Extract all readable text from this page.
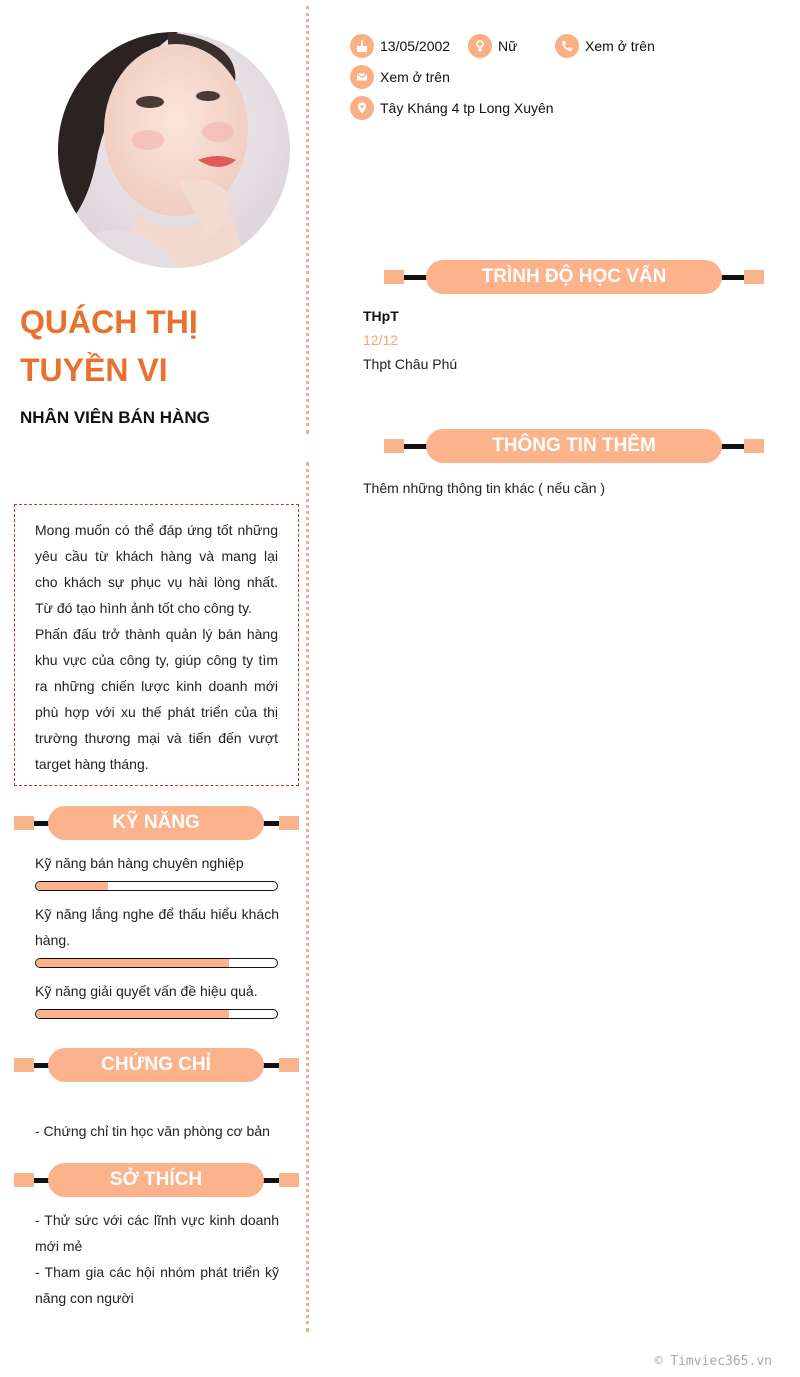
QUÁCH THỊ TUYỀN VI
NHÂN VIÊN BÁN HÀNG

Mong muốn có thể đáp ứng tốt những yêu cầu từ khách hàng và mang lại cho khách sự phục vụ hài lòng nhất. Từ đó tạo hình ảnh tốt cho công ty.

Phấn đấu trở thành quản lý bán hàng khu vực của công ty, giúp công ty tìm ra những chiến lược kinh doanh mới phù hợp với xu thế phát triển của thị trường thương mại và tiến đến vượt target hàng tháng.

KỸ NĂNG
Kỹ năng bán hàng chuyên nghiệp
Kỹ năng lắng nghe để thấu hiểu khách hàng.
Kỹ năng giải quyết vấn đề hiệu quả.
CHỨNG CHỈ
- Chứng chỉ tin học văn phòng cơ bản
SỞ THÍCH
- Thử sức với các lĩnh vực kinh doanh mới mẻ
- Tham gia các hội nhóm phát triển kỹ năng con người
13/05/2002	Nữ	Xem ở trên
Xem ở trên
Tây Kháng 4 tp Long Xuyên
TRÌNH ĐỘ HỌC VẤN
THpT
12/12
Thpt Châu Phú
THÔNG TIN THÊM
Thêm những thông tin khác ( nếu cần )
© Timviec365.vn
